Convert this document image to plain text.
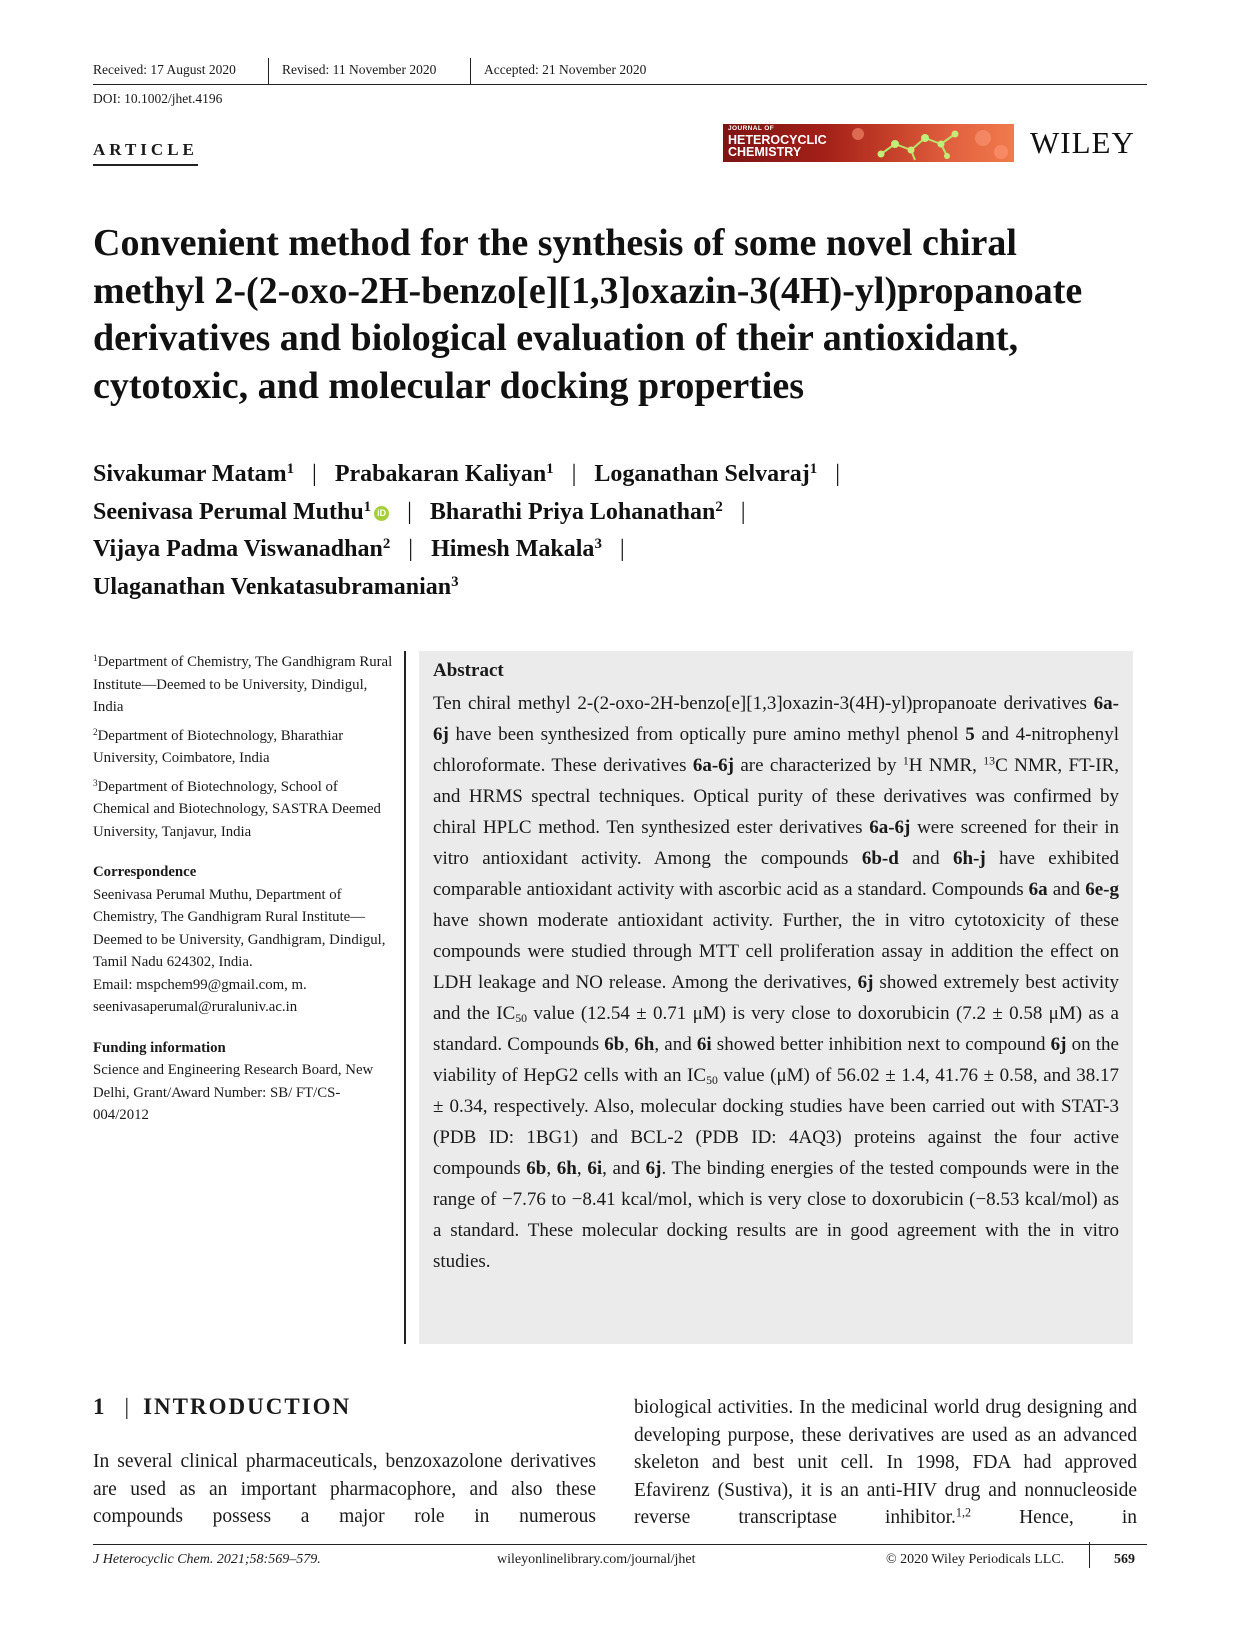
Received: 17 August 2020	Revised: 11 November 2020	Accepted: 21 November 2020
DOI: 10.1002/jhet.4196
ARTICLE
JOURNAL OF
HETEROCYCLIC
CHEMISTRY	WILEY
Convenient method for the synthesis of some novel chiral
methyl 2-(2-oxo-2H-benzo[e][1,3]oxazin-3(4H)-yl)propanoate
derivatives and biological evaluation of their antioxidant,
cytotoxic, and molecular docking properties
Sivakumar Matam$^1$ | Prabakaran Kaliyan$^1$ | Loganathan Selvaraj$^1$ |
Seenivasa Perumal Muthu$^1$ iD | Bharathi Priya Lohanathan$^2$ |
Vijaya Padma Viswanadhan$^2$ | Himesh Makala$^3$ |
Ulaganathan Venkatasubramanian$^3$

$^1$Department of Chemistry, The Gandhigram Rural Institute—Deemed to be University, Dindigul, India

$^2$Department of Biotechnology, Bharathiar University, Coimbatore, India

$^3$Department of Biotechnology, School of Chemical and Biotechnology, SASTRA Deemed University, Tanjavur, India

Correspondence
Seenivasa Perumal Muthu, Department of Chemistry, The Gandhigram Rural Institute—Deemed to be University, Gandhigram, Dindigul, Tamil Nadu 624302, India.
Email: mspchem99@gmail.com, m. seenivasaperumal@ruraluniv.ac.in
Funding information
Science and Engineering Research Board, New Delhi, Grant/Award Number: SB/ FT/CS-004/2012
Abstract
Ten chiral methyl 2-(2-oxo-2H-benzo[e][1,3]oxazin-3(4H)-yl)propanoate derivatives 6a-6j have been synthesized from optically pure amino methyl phenol 5 and 4-nitrophenyl chloroformate. These derivatives 6a-6j are characterized by $^1$H NMR, $^{13}$C NMR, FT-IR, and HRMS spectral techniques. Optical purity of these derivatives was confirmed by chiral HPLC method. Ten synthesized ester derivatives 6a-6j were screened for their in vitro antioxidant activity. Among the compounds 6b-d and 6h-j have exhibited comparable antioxidant activity with ascorbic acid as a standard. Compounds 6a and 6e-g have shown moderate antioxidant activity. Further, the in vitro cytotoxicity of these compounds were studied through MTT cell proliferation assay in addition the effect on LDH leakage and NO release. Among the derivatives, 6j showed extremely best activity and the $IC_{50}$ value (12.54 ± 0.71 μM) is very close to doxorubicin (7.2 ± 0.58 μM) as a standard. Compounds 6b, 6h, and 6i showed better inhibition next to compound 6j on the viability of HepG2 cells with an $IC_{50}$ value (μM) of 56.02 ± 1.4, 41.76 ± 0.58, and 38.17 ± 0.34, respectively. Also, molecular docking studies have been carried out with STAT-3 (PDB ID: 1BG1) and BCL-2 (PDB ID: 4AQ3) proteins against the four active compounds 6b, 6h, 6i, and 6j. The binding energies of the tested compounds were in the range of −7.76 to −8.41 kcal/mol, which is very close to doxorubicin (−8.53 kcal/mol) as a standard. These molecular docking results are in good agreement with the in vitro studies.
1 | INTRODUCTION
In several clinical pharmaceuticals, benzoxazolone derivatives are used as an important pharmacophore, and also these compounds possess a major role in numerous
biological activities. In the medicinal world drug designing and developing purpose, these derivatives are used as an advanced skeleton and best unit cell. In 1998, FDA had approved Efavirenz (Sustiva), it is an anti-HIV drug and nonnucleoside reverse transcriptase inhibitor.$^{1,2}$ Hence, in
J Heterocyclic Chem. 2021;58:569–579.	wileyonlinelibrary.com/journal/jhet	© 2020 Wiley Periodicals LLC.	569
